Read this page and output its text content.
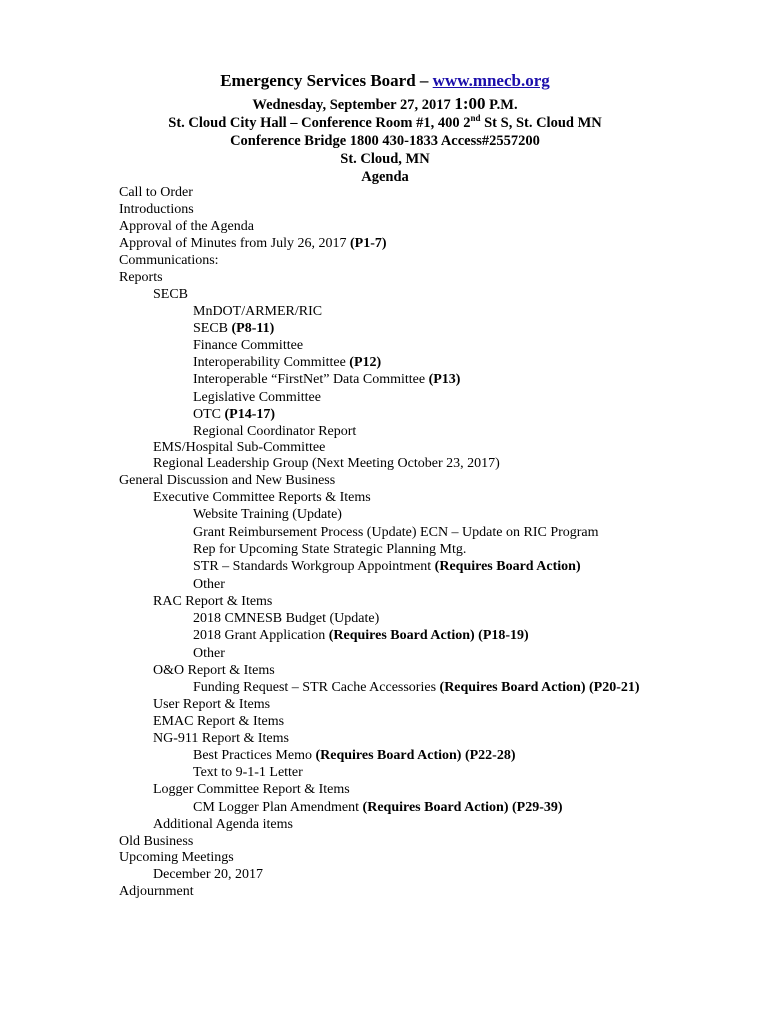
Emergency Services Board – www.mnecb.org
Wednesday, September 27, 2017 1:00 P.M.
St. Cloud City Hall – Conference Room #1, 400 2nd St S, St. Cloud MN
Conference Bridge 1800 430-1833 Access#2557200
St. Cloud, MN
Agenda
Call to Order
Introductions
Approval of the Agenda
Approval of Minutes from July 26, 2017 (P1-7)
Communications:
Reports
SECB
MnDOT/ARMER/RIC
SECB (P8-11)
Finance Committee
Interoperability Committee (P12)
Interoperable “FirstNet” Data Committee (P13)
Legislative Committee
OTC (P14-17)
Regional Coordinator Report
EMS/Hospital Sub-Committee
Regional Leadership Group (Next Meeting October 23, 2017)
General Discussion and New Business
Executive Committee Reports & Items
Website Training (Update)
Grant Reimbursement Process (Update) ECN – Update on RIC Program
Rep for Upcoming State Strategic Planning Mtg.
STR – Standards Workgroup Appointment (Requires Board Action)
Other
RAC Report & Items
2018 CMNESB Budget (Update)
2018 Grant Application (Requires Board Action) (P18-19)
Other
O&O Report & Items
Funding Request – STR Cache Accessories (Requires Board Action) (P20-21)
User Report & Items
EMAC Report & Items
NG-911 Report & Items
Best Practices Memo (Requires Board Action) (P22-28)
Text to 9-1-1 Letter
Logger Committee Report & Items
CM Logger Plan Amendment (Requires Board Action) (P29-39)
Additional Agenda items
Old Business
Upcoming Meetings
December 20, 2017
Adjournment
